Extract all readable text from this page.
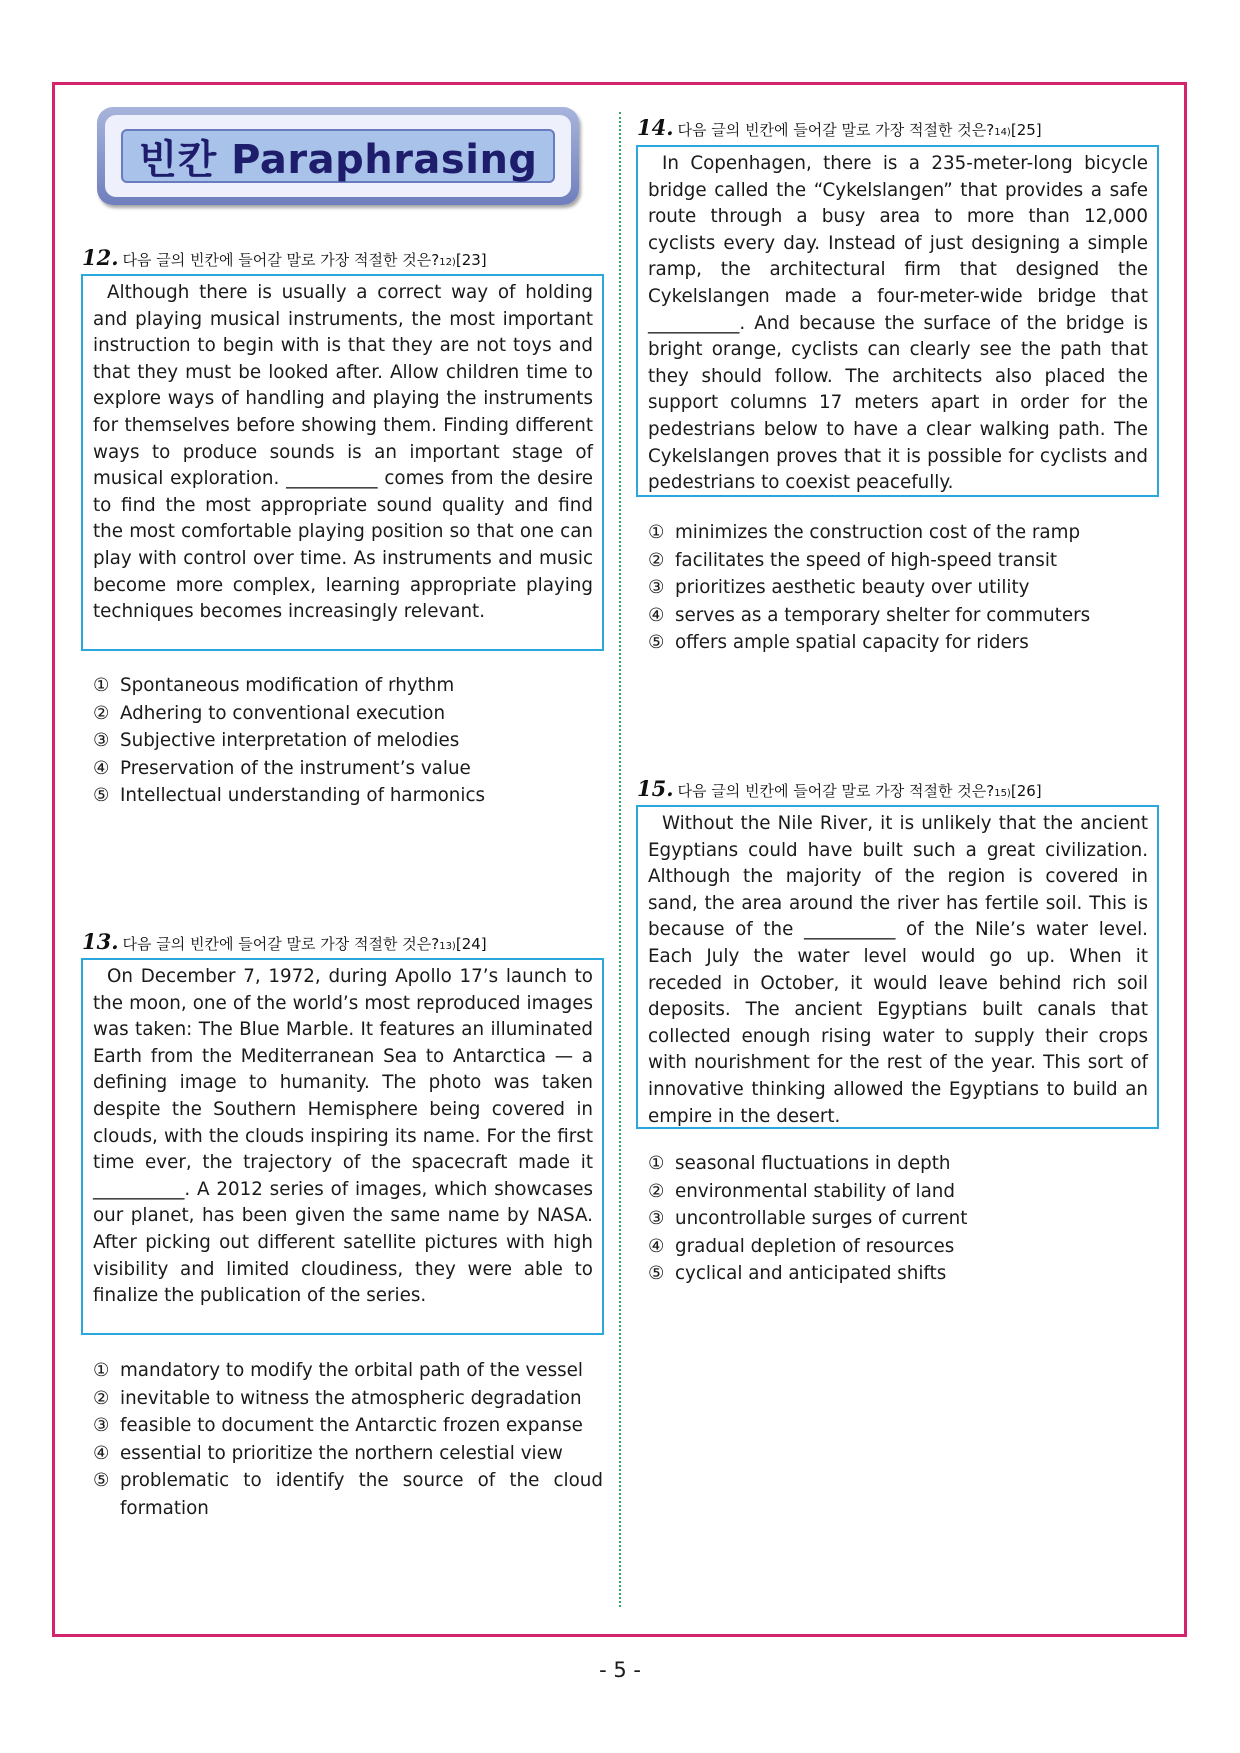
빈칸 Paraphrasing
12. 다음 글의 빈칸에 들어갈 말로 가장 적절한 것은? 12) [23]

Although there is usually a correct way of holding and playing musical instruments, the most important instruction to begin with is that they are not toys and that they must be looked after. Allow children time to explore ways of handling and playing the instruments for themselves before showing them. Finding different ways to produce sounds is an important stage of musical exploration. __________ comes from the desire to find the most appropriate sound quality and find the most comfortable playing position so that one can play with control over time. As instruments and music become more complex, learning appropriate playing techniques becomes increasingly relevant.

① Spontaneous modification of rhythm
② Adhering to conventional execution
③ Subjective interpretation of melodies
④ Preservation of the instrument’s value
⑤ Intellectual understanding of harmonics
13. 다음 글의 빈칸에 들어갈 말로 가장 적절한 것은? 13) [24]

On December 7, 1972, during Apollo 17’s launch to the moon, one of the world’s most reproduced images was taken: The Blue Marble. It features an illuminated Earth from the Mediterranean Sea to Antarctica — a defining image to humanity. The photo was taken despite the Southern Hemisphere being covered in clouds, with the clouds inspiring its name. For the first time ever, the trajectory of the spacecraft made it __________. A 2012 series of images, which showcases our planet, has been given the same name by NASA. After picking out different satellite pictures with high visibility and limited cloudiness, they were able to finalize the publication of the series.

① mandatory to modify the orbital path of the vessel
② inevitable to witness the atmospheric degradation
③ feasible to document the Antarctic frozen expanse
④ essential to prioritize the northern celestial view
⑤ problematic to identify the source of the cloud formation
14. 다음 글의 빈칸에 들어갈 말로 가장 적절한 것은? 14) [25]

In Copenhagen, there is a 235-meter-long bicycle bridge called the “Cykelslangen” that provides a safe route through a busy area to more than 12,000 cyclists every day. Instead of just designing a simple ramp, the architectural firm that designed the Cykelslangen made a four-meter-wide bridge that __________. And because the surface of the bridge is bright orange, cyclists can clearly see the path that they should follow. The architects also placed the support columns 17 meters apart in order for the pedestrians below to have a clear walking path. The Cykelslangen proves that it is possible for cyclists and pedestrians to coexist peacefully.

① minimizes the construction cost of the ramp
② facilitates the speed of high-speed transit
③ prioritizes aesthetic beauty over utility
④ serves as a temporary shelter for commuters
⑤ offers ample spatial capacity for riders
15. 다음 글의 빈칸에 들어갈 말로 가장 적절한 것은? 15) [26]

Without the Nile River, it is unlikely that the ancient Egyptians could have built such a great civilization. Although the majority of the region is covered in sand, the area around the river has fertile soil. This is because of the __________ of the Nile’s water level. Each July the water level would go up. When it receded in October, it would leave behind rich soil deposits. The ancient Egyptians built canals that collected enough rising water to supply their crops with nourishment for the rest of the year. This sort of innovative thinking allowed the Egyptians to build an empire in the desert.

① seasonal fluctuations in depth
② environmental stability of land
③ uncontrollable surges of current
④ gradual depletion of resources
⑤ cyclical and anticipated shifts
- 5 -
